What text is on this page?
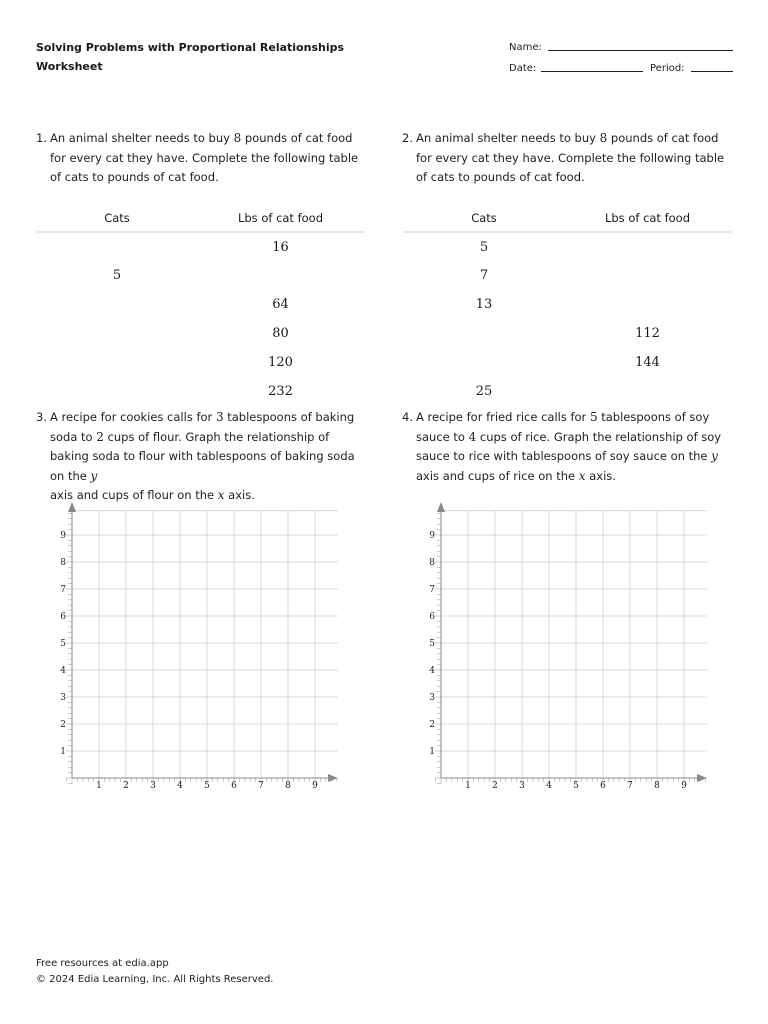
Solving Problems with Proportional Relationships
Worksheet
Name:
Date:	Period:
1. An animal shelter needs to buy 8 pounds of cat food for every cat they have. Complete the following table of cats to pounds of cat food.
Cats	Lbs of cat food
	16
5	
	64
	80
	120
	232
2. An animal shelter needs to buy 8 pounds of cat food for every cat they have. Complete the following table of cats to pounds of cat food.
Cats	Lbs of cat food
5	
7	
13	
	112
	144
25	
3. A recipe for cookies calls for 3 tablespoons of baking soda to 2 cups of flour. Graph the relationship of baking soda to flour with tablespoons of baking soda on the y
axis and cups of flour on the x axis.
1 2 3 4 5 6 7 8 9
1
2
3
4
5
6
7
8
9
4. A recipe for fried rice calls for 5 tablespoons of soy sauce to 4 cups of rice. Graph the relationship of soy sauce to rice with tablespoons of soy sauce on the y
axis and cups of rice on the x axis.
1 2 3 4 5 6 7 8 9
1
2
3
4
5
6
7
8
9
Free resources at edia.app
© 2024 Edia Learning, Inc. All Rights Reserved.
